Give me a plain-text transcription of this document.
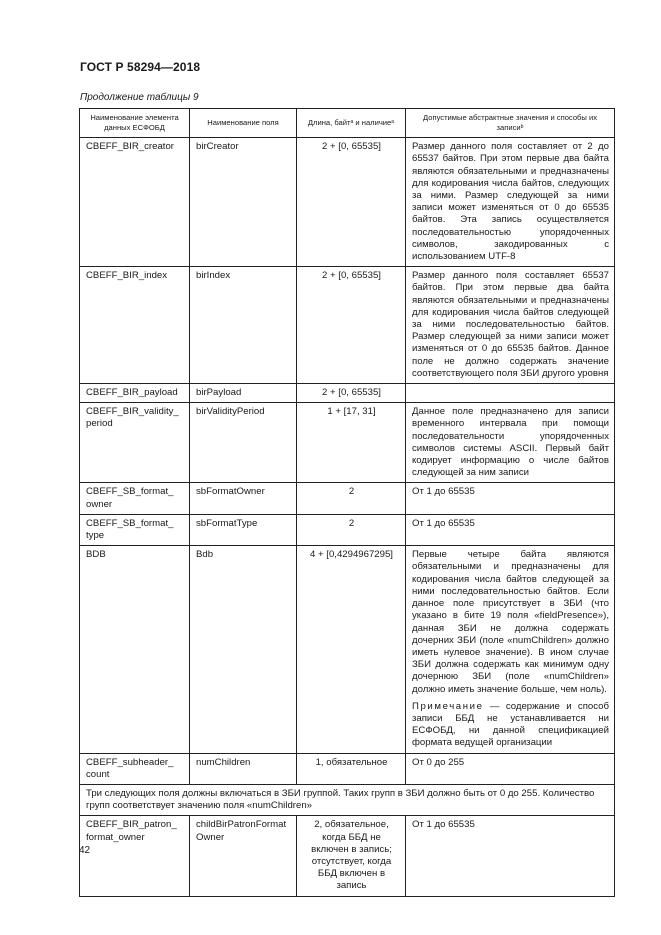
ГОСТ Р 58294—2018
Продолжение таблицы 9
Наименование элемента данных ЕСФОБД	Наименование поля	Длина, байтᵃ и наличиеᵃ	Допустимые абстрактные значения и способы их записиᵇ
CBEFF_BIR_creator	birCreator	2 + [0, 65535]	Размер данного поля составляет от 2 до 65537 байтов. При этом первые два байта являются обязательными и предназначены для кодирования числа байтов, следующих за ними. Размер следующей за ними записи может изменяться от 0 до 65535 байтов. Эта запись осуществляется последовательностью упорядоченных символов, закодированных с использованием UTF-8

CBEFF_BIR_index	birIndex	2 + [0, 65535]	Размер данного поля составляет 65537 байтов. При этом первые два байта являются обязательными и предназначены для кодирования числа байтов следующей за ними последовательностью байтов. Размер следующей за ними записи может изменяться от 0 до 65535 байтов. Данное поле не должно содержать значение соответствующего поля ЗБИ другого уровня

CBEFF_BIR_payload	birPayload	2 + [0, 65535]	

CBEFF_BIR_validity_ period	birValidityPeriod	1 + [17, 31]	Данное поле предназначено для записи временного интервала при помощи последовательности упорядоченных символов системы ASCII. Первый байт кодирует информацию о числе байтов следующей за ним записи

CBEFF_SB_format_ owner	sbFormatOwner	2	От 1 до 65535

CBEFF_SB_format_ type	sbFormatType	2	От 1 до 65535

BDB	Bdb	4 + [0,4294967295]	Первые четыре байта являются обязательными и предназначены для кодирования числа байтов следующей за ними последовательностью байтов. Если данное поле присутствует в ЗБИ (что указано в бите 19 поля «fieldPresence»), данная ЗБИ не должна содержать дочерних ЗБИ (поле «numChildren» должно иметь нулевое значение). В ином случае ЗБИ должна содержать как минимум одну дочернюю ЗБИ (поле «numChildren» должно иметь значение больше, чем ноль).

Примечание — содержание и способ записи ББД не устанавливается ни ЕСФОБД, ни данной спецификацией формата ведущей организации

CBEFF_subheader_ count	numChildren	1, обязательное	От 0 до 255

Три следующих поля должны включаться в ЗБИ группой. Таких групп в ЗБИ должно быть от 0 до 255. Количество групп соответствует значению поля «numChildren»			
CBEFF_BIR_patron_ format_owner	childBirPatronFormat Owner	2, обязательное, когда ББД не включен в запись; отсутствует, когда ББД включен в запись	От 1 до 65535
42
